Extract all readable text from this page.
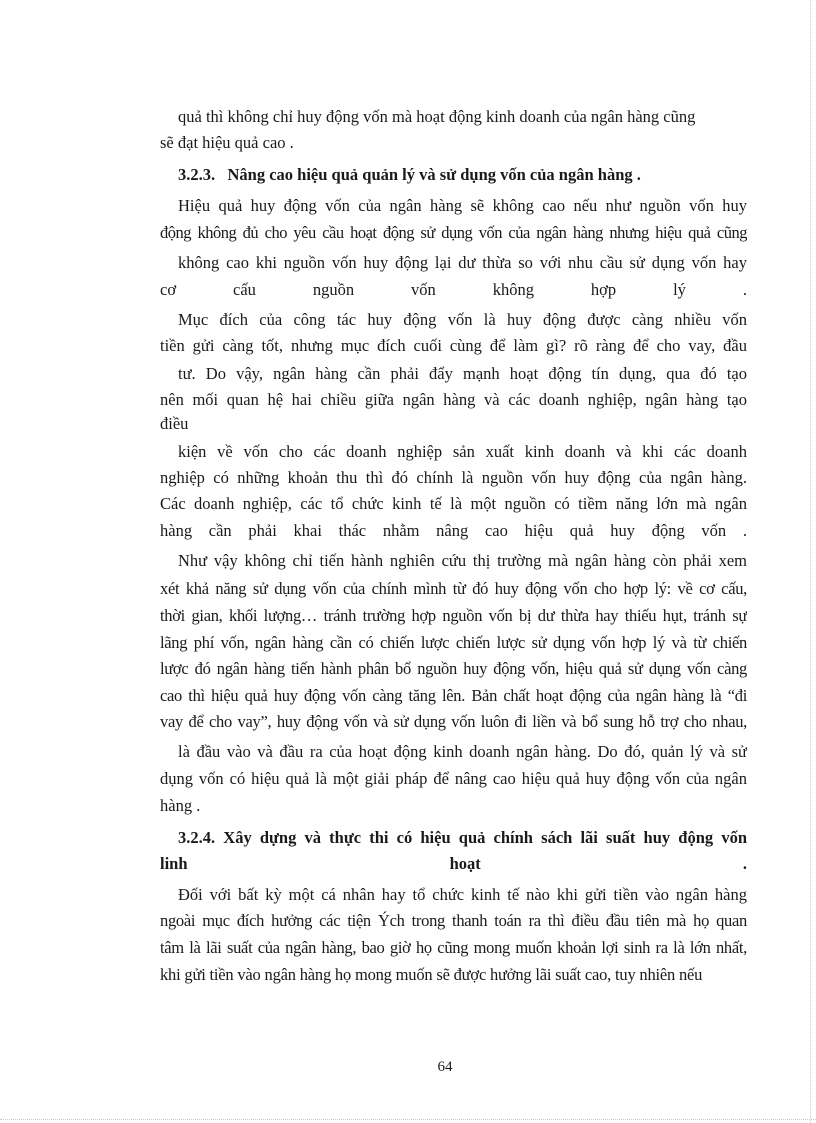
quả thì không chỉ huy động vốn mà hoạt động kinh doanh của ngân hàng cũng
sẽ đạt hiệu quả cao .
3.2.3.   Nâng cao hiệu quả quản lý và sử dụng vốn của ngân hàng .
Hiệu quả huy động vốn của ngân hàng sẽ không cao nếu như nguồn vốn huy
động không đủ cho yêu cầu hoạt động sử dụng vốn của ngân hàng nhưng hiệu quả cũng
không cao khi nguồn vốn huy động lại dư thừa so với nhu cầu sử dụng vốn hay
cơ cấu nguồn vốn không hợp lý .
Mục đích của công tác huy động vốn là huy động được càng nhiều vốn
tiền gửi càng tốt, nhưng mục đích cuối cùng để làm gì? rõ ràng để cho vay, đầu
tư. Do vậy, ngân hàng cần phải đẩy mạnh hoạt động tín dụng, qua đó tạo
nên mối quan hệ hai chiều giữa ngân hàng và các doanh nghiệp, ngân hàng tạo
điều
kiện về vốn cho các doanh nghiệp sản xuất kinh doanh và khi các doanh
nghiệp có những khoản thu thì đó chính là nguồn vốn huy động của ngân hàng.
Các doanh nghiệp, các tổ chức kinh tế là một nguồn có tiềm năng lớn mà ngân
hàng cần phải khai thác nhằm nâng cao hiệu quả huy động vốn .
Như vậy không chỉ tiến hành nghiên cứu thị trường mà ngân hàng còn phải xem
xét khả năng sử dụng vốn của chính mình từ đó huy động vốn cho hợp lý: về cơ cấu,
thời gian, khối lượng… tránh trường hợp nguồn vốn bị dư thừa hay thiếu hụt, tránh sự
lãng phí vốn, ngân hàng cần có chiến lược chiến lược sử dụng vốn hợp lý và từ chiến
lược đó ngân hàng tiến hành phân bổ nguồn huy động vốn, hiệu quả sử dụng vốn càng
cao thì hiệu quả huy động vốn càng tăng lên. Bản chất hoạt động của ngân hàng là “đi
vay để cho vay”, huy động vốn và sử dụng vốn luôn đi liền và bổ sung hỗ trợ cho nhau,
là đầu vào và đầu ra của hoạt động kinh doanh ngân hàng. Do đó, quản lý và sử
dụng vốn có hiệu quả là một giải pháp để nâng cao hiệu quả huy động vốn của ngân
hàng .
3.2.4. Xây dựng và thực thi có hiệu quả chính sách lãi suất huy động vốn
linh hoạt .
Đối với bất kỳ một cá nhân hay tổ chức kinh tế nào khi gửi tiền vào ngân hàng
ngoài mục đích hưởng các tiện Ých trong thanh toán ra thì điều đầu tiên mà họ quan
tâm là lãi suất của ngân hàng, bao giờ họ cũng mong muốn khoản lợi sinh ra là lớn nhất,
khi gửi tiền vào ngân hàng họ mong muốn sẽ được hưởng lãi suất cao, tuy nhiên nếu
64
